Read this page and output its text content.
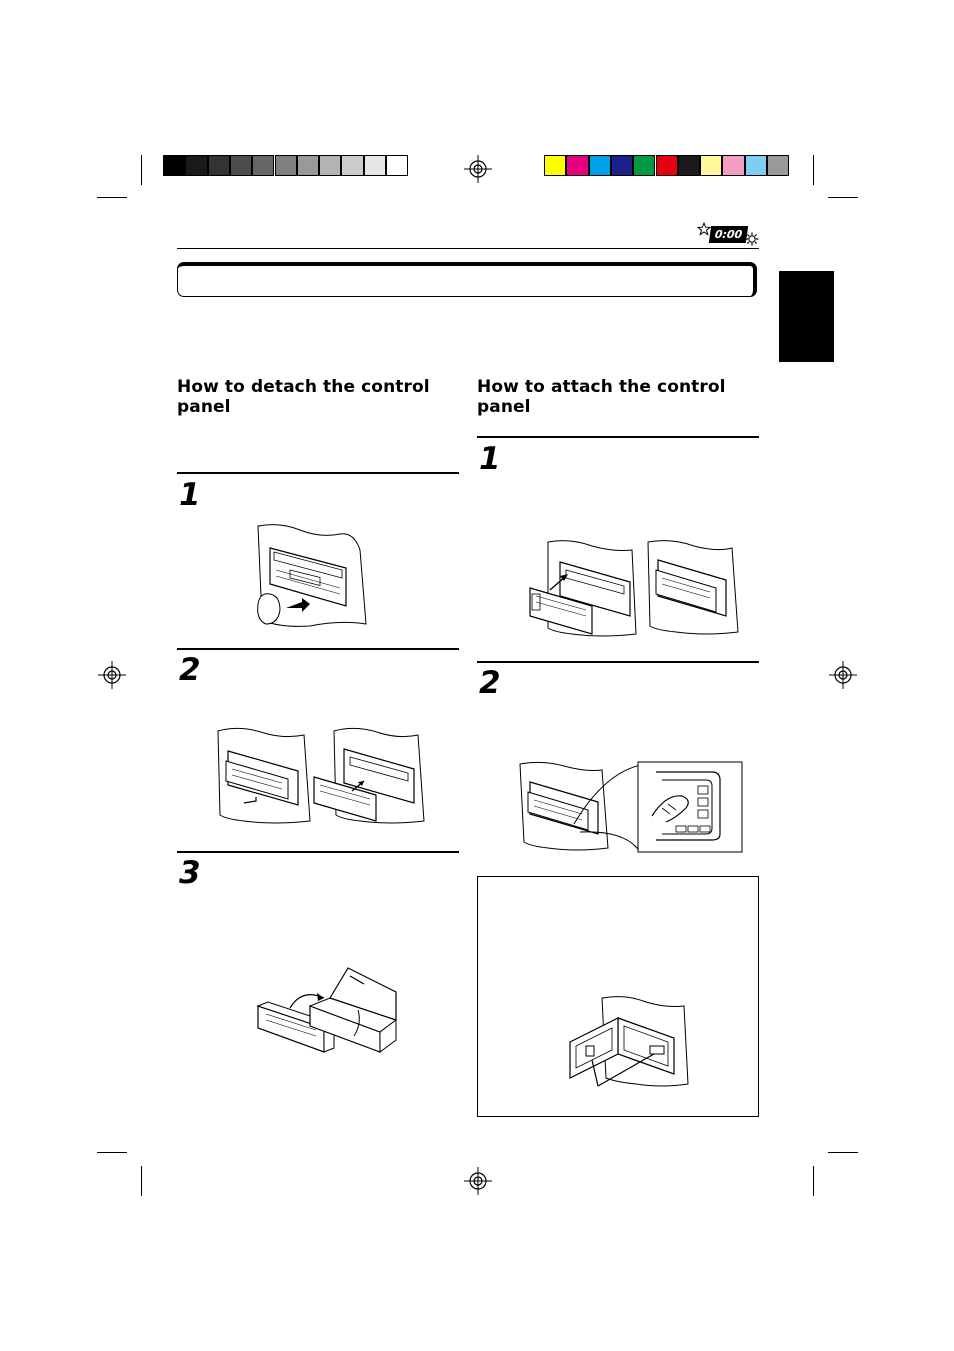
0:00
How to detach the control
panel
1
2
3
How to attach the control
panel
1
2
